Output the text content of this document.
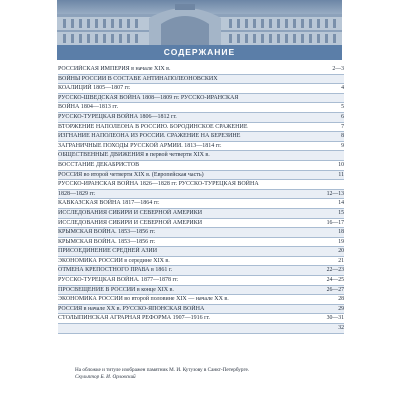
СОДЕРЖАНИЕ
РОССИЙСКАЯ ИМПЕРИЯ в начале XIX в.	2—3
ВОЙНЫ РОССИИ В СОСТАВЕ АНТИНАПОЛЕОНОВСКИХ
КОАЛИЦИЙ 1805—1807 гг.	4
РУССКО-ШВЕДСКАЯ ВОЙНА 1808—1809 гг. РУССКО-ИРАНСКАЯ
ВОЙНА 1804—1813 гг.	5
РУССКО-ТУРЕЦКАЯ ВОЙНА 1806—1812 гг.	6
ВТОРЖЕНИЕ НАПОЛЕОНА В РОССИЮ. БОРОДИНСКОЕ СРАЖЕНИЕ	7
ИЗГНАНИЕ НАПОЛЕОНА ИЗ РОССИИ. СРАЖЕНИЕ НА БЕРЕЗИНЕ	8
ЗАГРАНИЧНЫЕ ПОХОДЫ РУССКОЙ АРМИИ. 1813—1814 гг.	9
ОБЩЕСТВЕННЫЕ ДВИЖЕНИЯ в первой четверти XIX в.
ВОССТАНИЕ ДЕКАБРИСТОВ	10
РОССИЯ во второй четверти XIX в. (Европейская часть)	11
РУССКО-ИРАНСКАЯ ВОЙНА 1826—1828 гг. РУССКО-ТУРЕЦКАЯ ВОЙНА
1828—1829 гг.	12—13
КАВКАЗСКАЯ ВОЙНА 1817—1864 гг.	14
ИССЛЕДОВАНИЯ СИБИРИ И СЕВЕРНОЙ АМЕРИКИ	15
ИССЛЕДОВАНИЯ СИБИРИ И СЕВЕРНОЙ АМЕРИКИ	16—17
КРЫМСКАЯ ВОЙНА. 1853—1856 гг.	18
КРЫМСКАЯ ВОЙНА. 1853—1856 гг.	19
ПРИСОЕДИНЕНИЕ СРЕДНЕЙ АЗИИ	20
ЭКОНОМИКА РОССИИ в середине XIX в.	21
ОТМЕНА КРЕПОСТНОГО ПРАВА в 1861 г.	22—23
РУССКО-ТУРЕЦКАЯ ВОЙНА. 1877—1878 гг.	24—25
ПРОСВЕЩЕНИЕ В РОССИИ в конце XIX в.	26—27
ЭКОНОМИКА РОССИИ во второй половине XIX — начале XX в.	28
РОССИЯ в начале XX в. РУССКО-ЯПОНСКАЯ ВОЙНА	29
СТОЛЫПИНСКАЯ АГРАРНАЯ РЕФОРМА 1907—1916 гг.	30—31
32
На обложке и титуле изображен памятник М. И. Кутузову в Санкт-Петербурге.
Скульптор Б. И. Орловский
